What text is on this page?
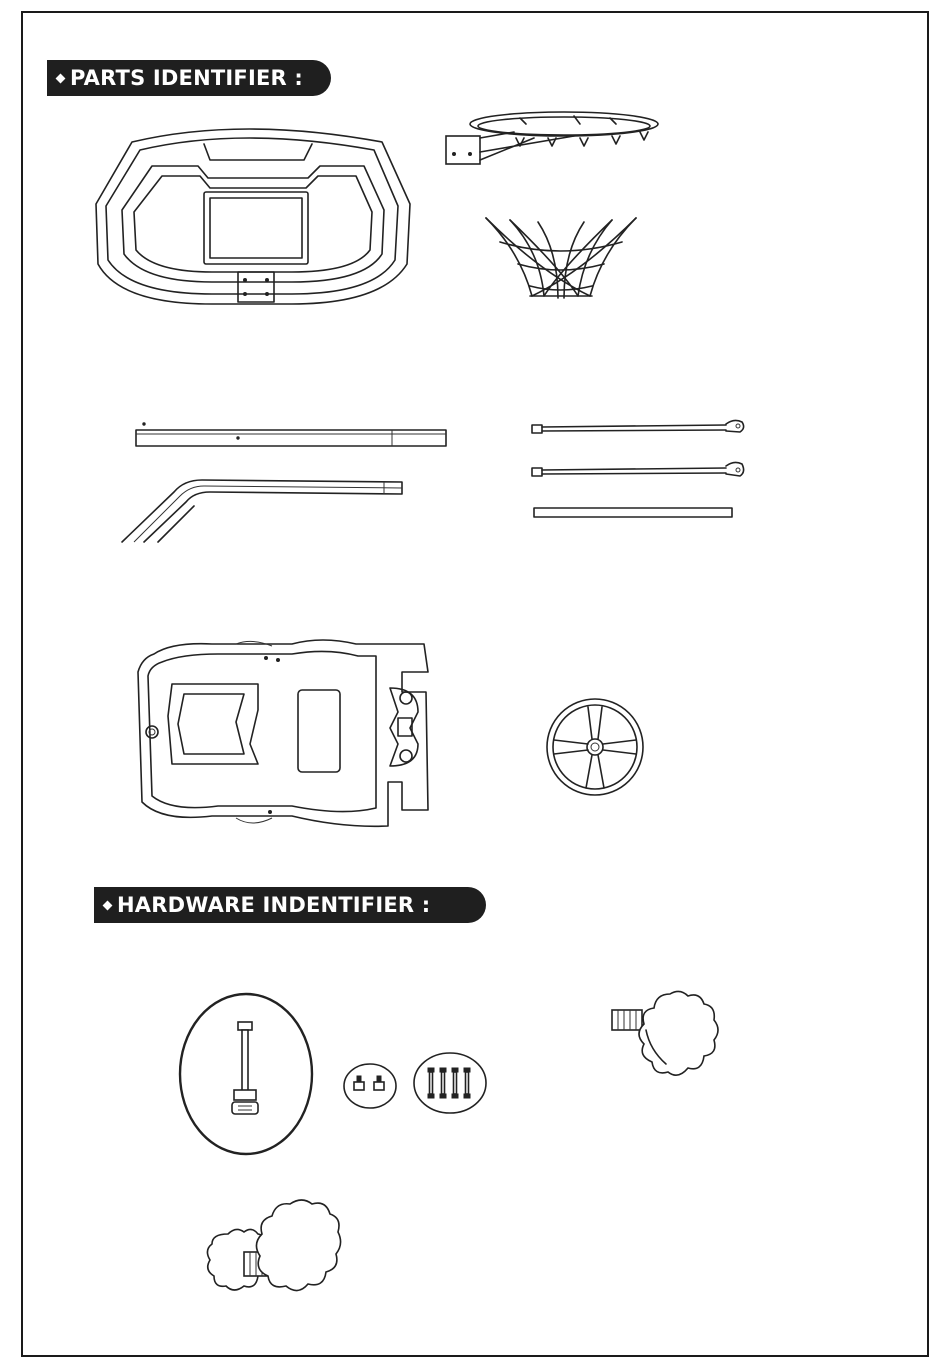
PARTS IDENTIFIER :
HARDWARE INDENTIFIER :
